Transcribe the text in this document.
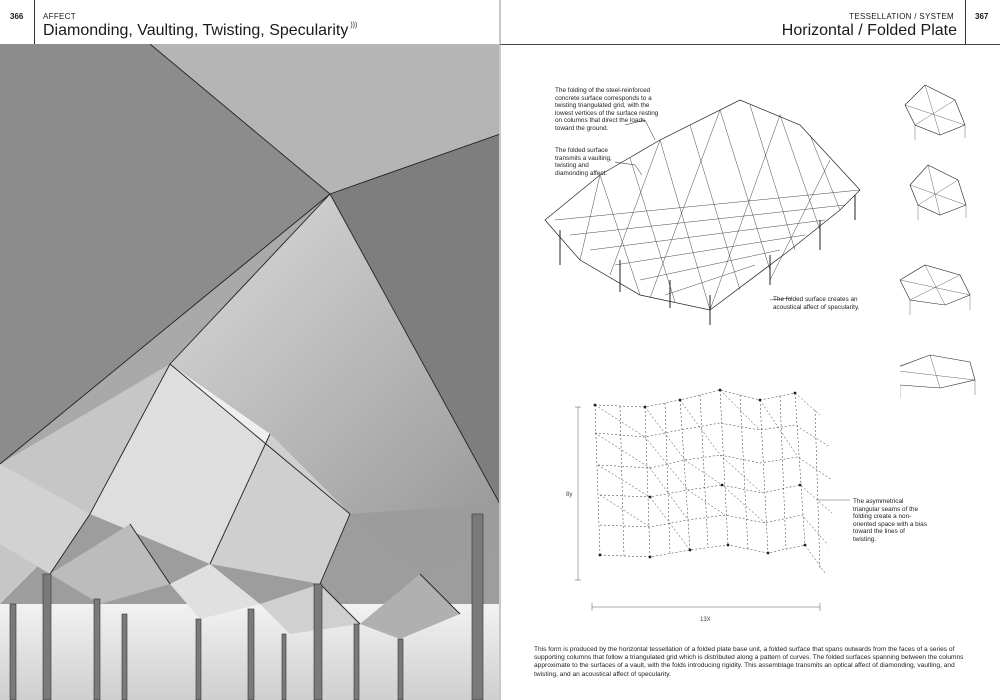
366 AFFECT
Diamonding, Vaulting, Twisting, Specularity )))
TESSELLATION / SYSTEM	367
Horizontal / Folded Plate
8y
13X
The folding of the steel-reinforced concrete surface corresponds to a twisting triangulated grid, with the lowest vertices of the surface resting on columns that direct the loads toward the ground.
The folded surface transmits a vaulting, twisting and diamonding affect.
The folded surface creates an acoustical affect of specularity.
The asymmetrical triangular seams of the folding create a non-oriented space with a bias toward the lines of twisting.
This form is produced by the horizontal tessellation of a folded plate base unit, a folded surface that spans outwards from the faces of a series of supporting columns that follow a triangulated grid which is distributed along a pattern of curves. The folded surfaces spanning between the columns approximate to the surfaces of a vault, with the folds introducing rigidity. This assemblage transmits an optical affect of diamonding, vaulting, and twisting, and an acoustical affect of specularity.
